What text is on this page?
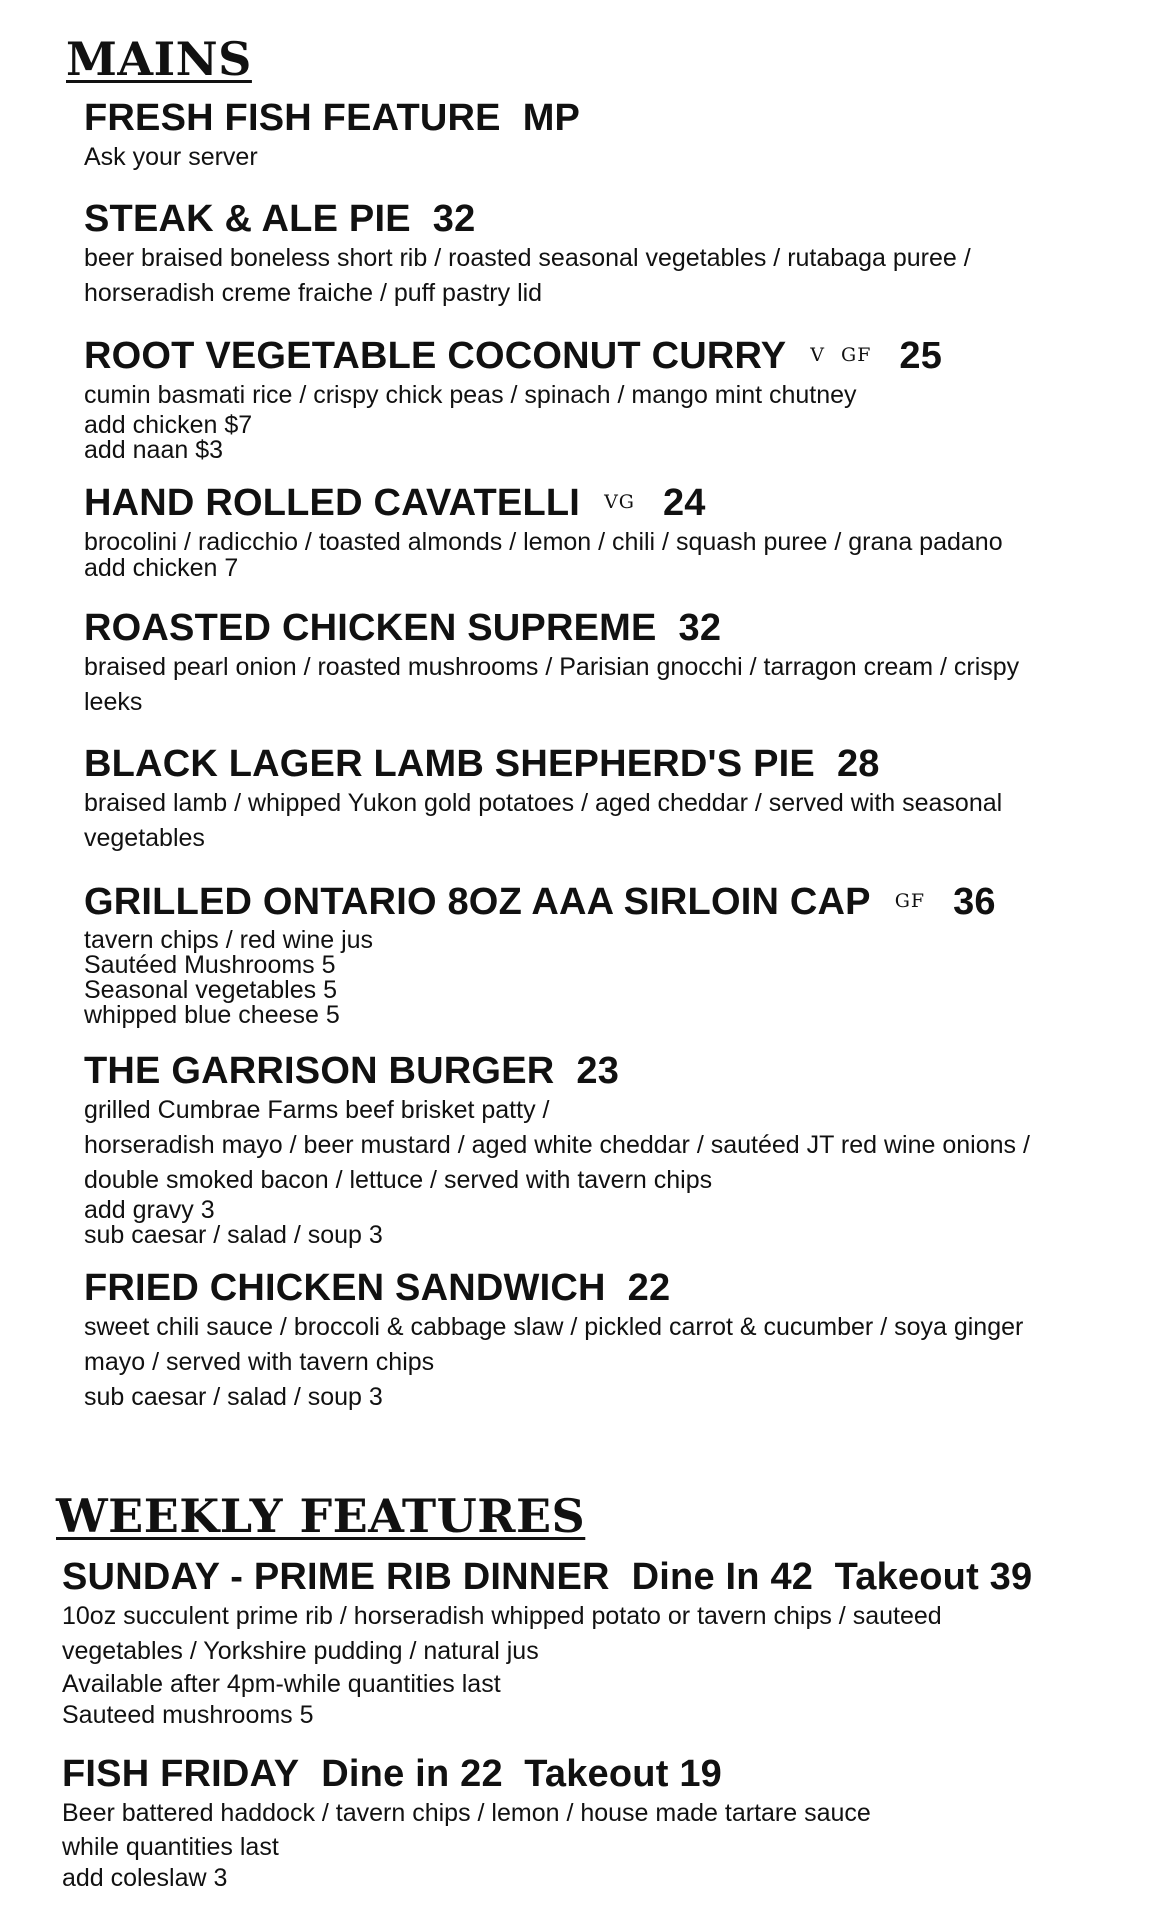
MAINS
FRESH FISH FEATURE MP
Ask your server
STEAK & ALE PIE 32
beer braised boneless short rib / roasted seasonal vegetables / rutabaga puree /
horseradish creme fraiche / puff pastry lid
ROOT VEGETABLE COCONUT CURRY V GF 25
cumin basmati rice / crispy chick peas / spinach / mango mint chutney
add chicken $7
add naan $3
HAND ROLLED CAVATELLI VG 24
brocolini / radicchio / toasted almonds / lemon / chili / squash puree / grana padano
add chicken 7
ROASTED CHICKEN SUPREME 32
braised pearl onion / roasted mushrooms / Parisian gnocchi / tarragon cream / crispy
leeks
BLACK LAGER LAMB SHEPHERD'S PIE 28
braised lamb / whipped Yukon gold potatoes / aged cheddar / served with seasonal
vegetables
GRILLED ONTARIO 8OZ AAA SIRLOIN CAP GF 36
tavern chips / red wine jus
Sautéed Mushrooms 5
Seasonal vegetables 5
whipped blue cheese 5
THE GARRISON BURGER 23
grilled Cumbrae Farms beef brisket patty /
horseradish mayo / beer mustard / aged white cheddar / sautéed JT red wine onions /
double smoked bacon / lettuce / served with tavern chips
add gravy 3
sub caesar / salad / soup 3
FRIED CHICKEN SANDWICH 22
sweet chili sauce / broccoli & cabbage slaw / pickled carrot & cucumber / soya ginger
mayo / served with tavern chips
sub caesar / salad / soup 3
WEEKLY FEATURES
SUNDAY - PRIME RIB DINNER Dine In 42  Takeout 39
10oz succulent prime rib / horseradish whipped potato or tavern chips / sauteed
vegetables / Yorkshire pudding / natural jus
Available after 4pm-while quantities last
Sauteed mushrooms 5
FISH FRIDAY Dine in 22  Takeout 19
Beer battered haddock / tavern chips / lemon / house made tartare sauce
while quantities last
add coleslaw 3
